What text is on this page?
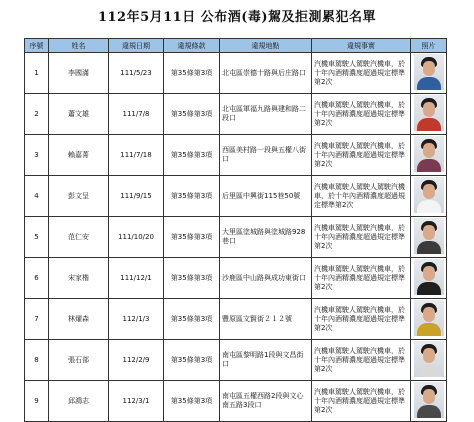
112年5月11日 公布酒(毒)駕及拒測累犯名單
序號	姓名	違規日期	違規條款	違規地點	違規事實	照片
1	李國滿	111/5/23	第35條第3項	北屯區崇德十路與后庄路口	汽機車駕駛人駕駛汽機車，於十年內酒精濃度超過規定標準第2次	

2	蕭文雄	111/7/8	第35條第3項	北屯區軍福九路與建和路二段口	汽機車駕駛人駕駛汽機車，於十年內酒精濃度超過規定標準第2次	

3	賴嘉菁	111/7/18	第35條第3項	西區美村路一段與五權八街口	汽機車駕駛人駕駛汽機車，於十年內酒精濃度超過規定標準第2次	

4	彭文呈	111/9/15	第35條第3項	后里區中興街115巷50號	汽機車駕駛人駕駛人駕駛汽機車，於十年內酒精濃度超過規定標準第2次	

5	范仁安	111/10/20	第35條第3項	大里區塗城路與塗城路928巷口	汽機車駕駛人駕駛汽機車，於十年內酒精濃度超過規定標準第2次	

6	宋家楷	111/12/1	第35條第3項	沙鹿區中山路與成功東街口	汽機車駕駛人駕駛汽機車，於十年內酒精濃度超過規定標準第2次	

7	林燿森	112/1/3	第35條第3項	豐原區文賢街２１２號	汽機車駕駛人駕駛汽機車，於十年內酒精濃度超過規定標準第2次	

8	張石部	112/2/9	第35條第3項	南屯區黎明路1段與文昌街口	汽機車駕駛人駕駛汽機車，於十年內酒精濃度超過規定標準第2次	

9	邱鴻志	112/3/1	第35條第3項	南屯區五權西路2段與文心南五路3段口	汽機車駕駛人駕駛汽機車，於十年內酒精濃度超過規定標準第2次	
